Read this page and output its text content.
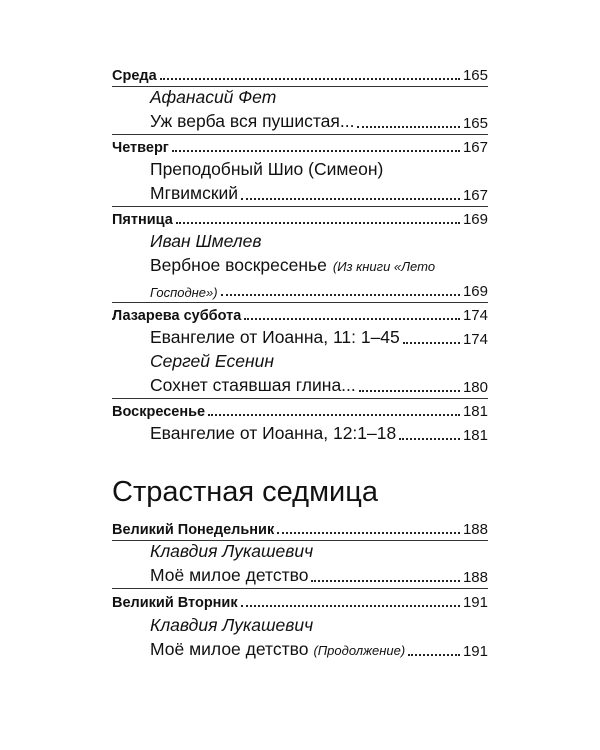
Среда	165
Афанасий Фет
Уж верба вся пушистая...	165
Четверг	167
Преподобный Шио (Симеон)
Мгвимский	167
Пятница	169
Иван Шмелев
Вербное воскресенье (Из книги «Лето
Господне»)	169
Лазарева суббота	174
Евангелие от Иоанна, 11: 1–45	174
Сергей Есенин
Сохнет стаявшая глина...	180
Воскресенье	181
Евангелие от Иоанна, 12:1–18	181
Страстная седмица
Великий Понедельник	188
Клавдия Лукашевич
Моё милое детство	188
Великий Вторник	191
Клавдия Лукашевич
Моё милое детство (Продолжение)	191
